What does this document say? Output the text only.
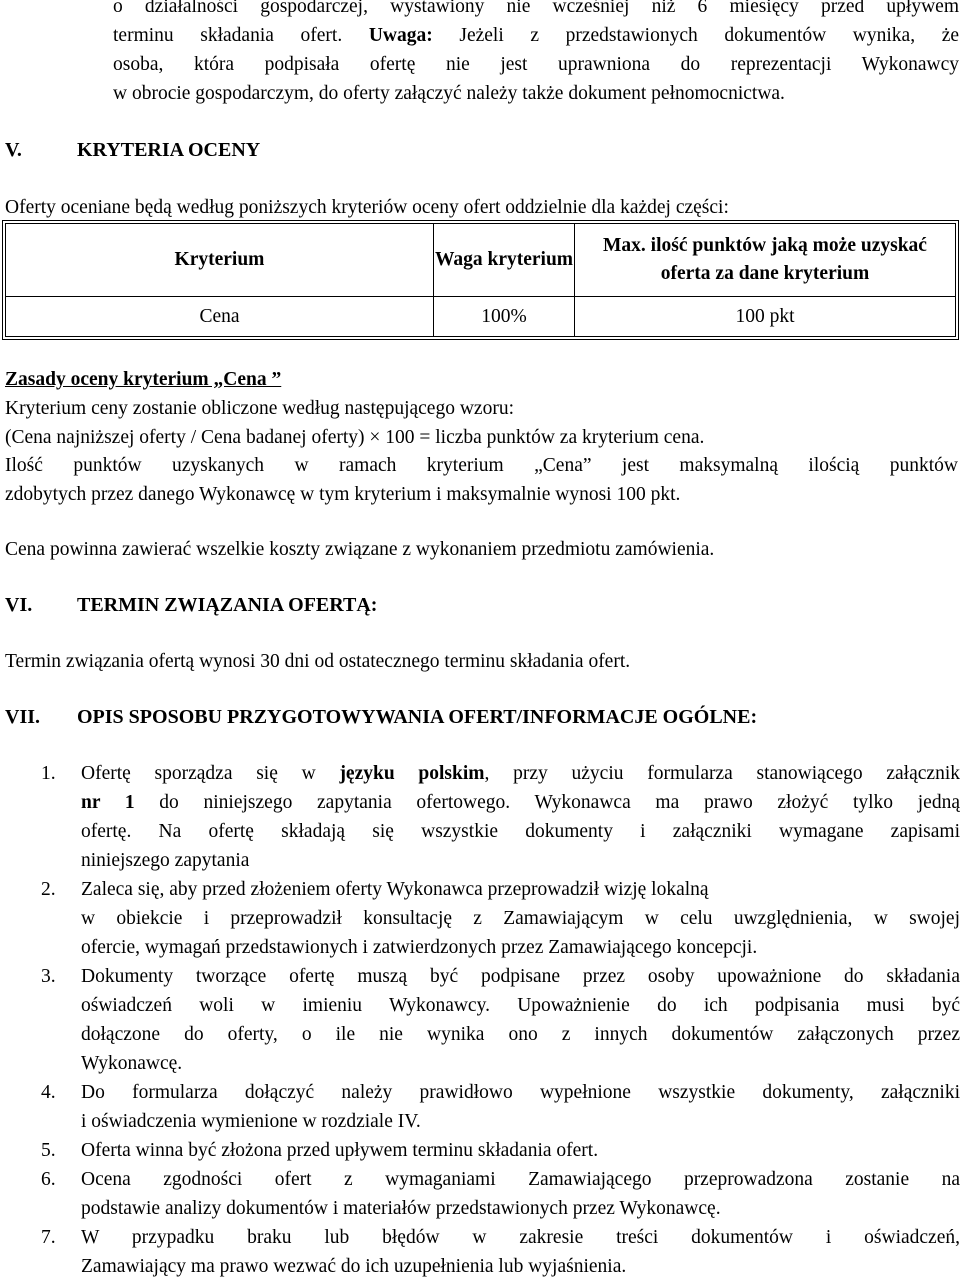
o działalności gospodarczej, wystawiony nie wcześniej niż 6 miesięcy przed upływem
terminu składania ofert. Uwaga: Jeżeli z przedstawionych dokumentów wynika, że
osoba, która podpisała ofertę nie jest uprawniona do reprezentacji Wykonawcy
w obrocie gospodarczym, do oferty załączyć należy także dokument pełnomocnictwa.
V.	KRYTERIA OCENY

Oferty oceniane będą według poniższych kryteriów oceny ofert oddzielnie dla każdej części:

Kryterium	Waga kryterium	Max. ilość punktów jaką może uzyskać oferta za dane kryterium
Cena	100%	100 pkt

Zasady oceny kryterium „Cena ”

Kryterium ceny zostanie obliczone według następującego wzoru:

(Cena najniższej oferty / Cena badanej oferty) × 100 = liczba punktów za kryterium cena.

Ilość punktów uzyskanych w ramach kryterium „Cena” jest maksymalną ilością punktów

zdobytych przez danego Wykonawcę w tym kryterium i maksymalnie wynosi 100 pkt.

Cena powinna zawierać wszelkie koszty związane z wykonaniem przedmiotu zamówienia.

VI. TERMIN ZWIĄZANIA OFERTĄ:

Termin związania ofertą wynosi 30 dni od ostatecznego terminu składania ofert.

VII. OPIS SPOSOBU PRZYGOTOWYWANIA OFERT/INFORMACJE OGÓLNE:
1. Ofertę sporządza się w języku polskim, przy użyciu formularza stanowiącego załącznik
nr 1 do niniejszego zapytania ofertowego. Wykonawca ma prawo złożyć tylko jedną
ofertę. Na ofertę składają się wszystkie dokumenty i załączniki wymagane zapisami
niniejszego zapytania
2. Zaleca się, aby przed złożeniem oferty Wykonawca przeprowadził wizję lokalną
w obiekcie i przeprowadził konsultację z Zamawiającym w celu uwzględnienia, w swojej
ofercie, wymagań przedstawionych i zatwierdzonych przez Zamawiającego koncepcji.
3. Dokumenty tworzące ofertę muszą być podpisane przez osoby upoważnione do składania
oświadczeń woli w imieniu Wykonawcy. Upoważnienie do ich podpisania musi być
dołączone do oferty, o ile nie wynika ono z innych dokumentów załączonych przez
Wykonawcę.
4. Do formularza dołączyć należy prawidłowo wypełnione wszystkie dokumenty, załączniki
i oświadczenia wymienione w rozdziale IV.
5. Oferta winna być złożona przed upływem terminu składania ofert.
6. Ocena zgodności ofert z wymaganiami Zamawiającego przeprowadzona zostanie na
podstawie analizy dokumentów i materiałów przedstawionych przez Wykonawcę.
7. W przypadku braku lub błędów w zakresie treści dokumentów i oświadczeń,
Zamawiający ma prawo wezwać do ich uzupełnienia lub wyjaśnienia.
